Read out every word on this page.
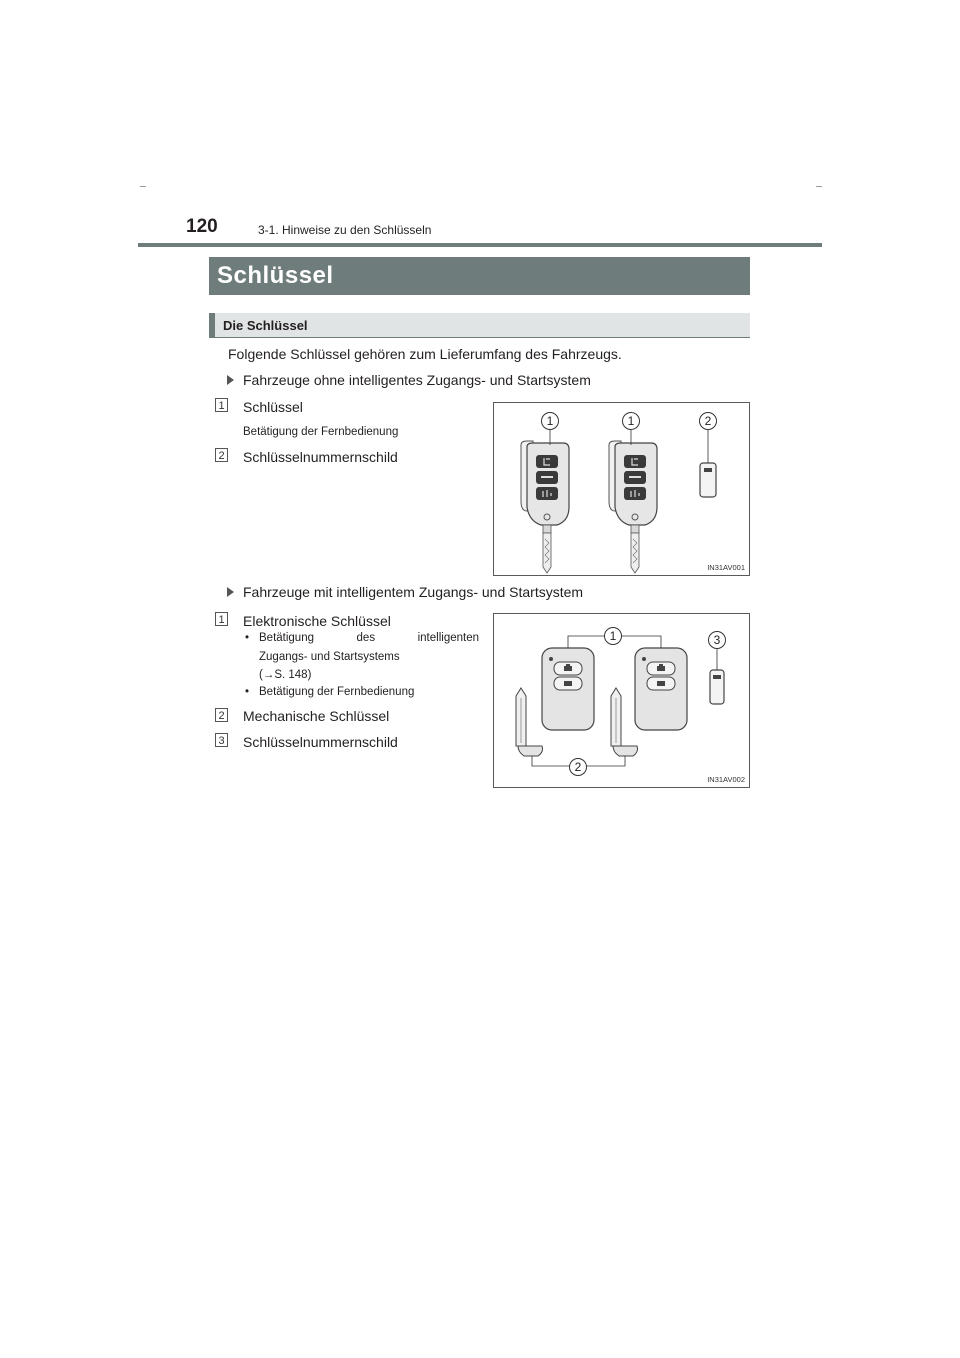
120	3-1. Hinweise zu den Schlüsseln
Schlüssel
Die Schlüssel
Folgende Schlüssel gehören zum Lieferumfang des Fahrzeugs.
Fahrzeuge ohne intelligentes Zugangs- und Startsystem
1 Schlüssel
Betätigung der Fernbedienung
2 Schlüsselnummernschild
1	1	2
IN31AV001
Fahrzeuge mit intelligentem Zugangs- und Startsystem
1 Elektronische Schlüssel
• Betätigung	des	intelligenten
Zugangs- und Startsystems
(→S. 148)
• Betätigung der Fernbedienung
2 Mechanische Schlüssel
3 Schlüsselnummernschild
1	3
2
IN31AV002
